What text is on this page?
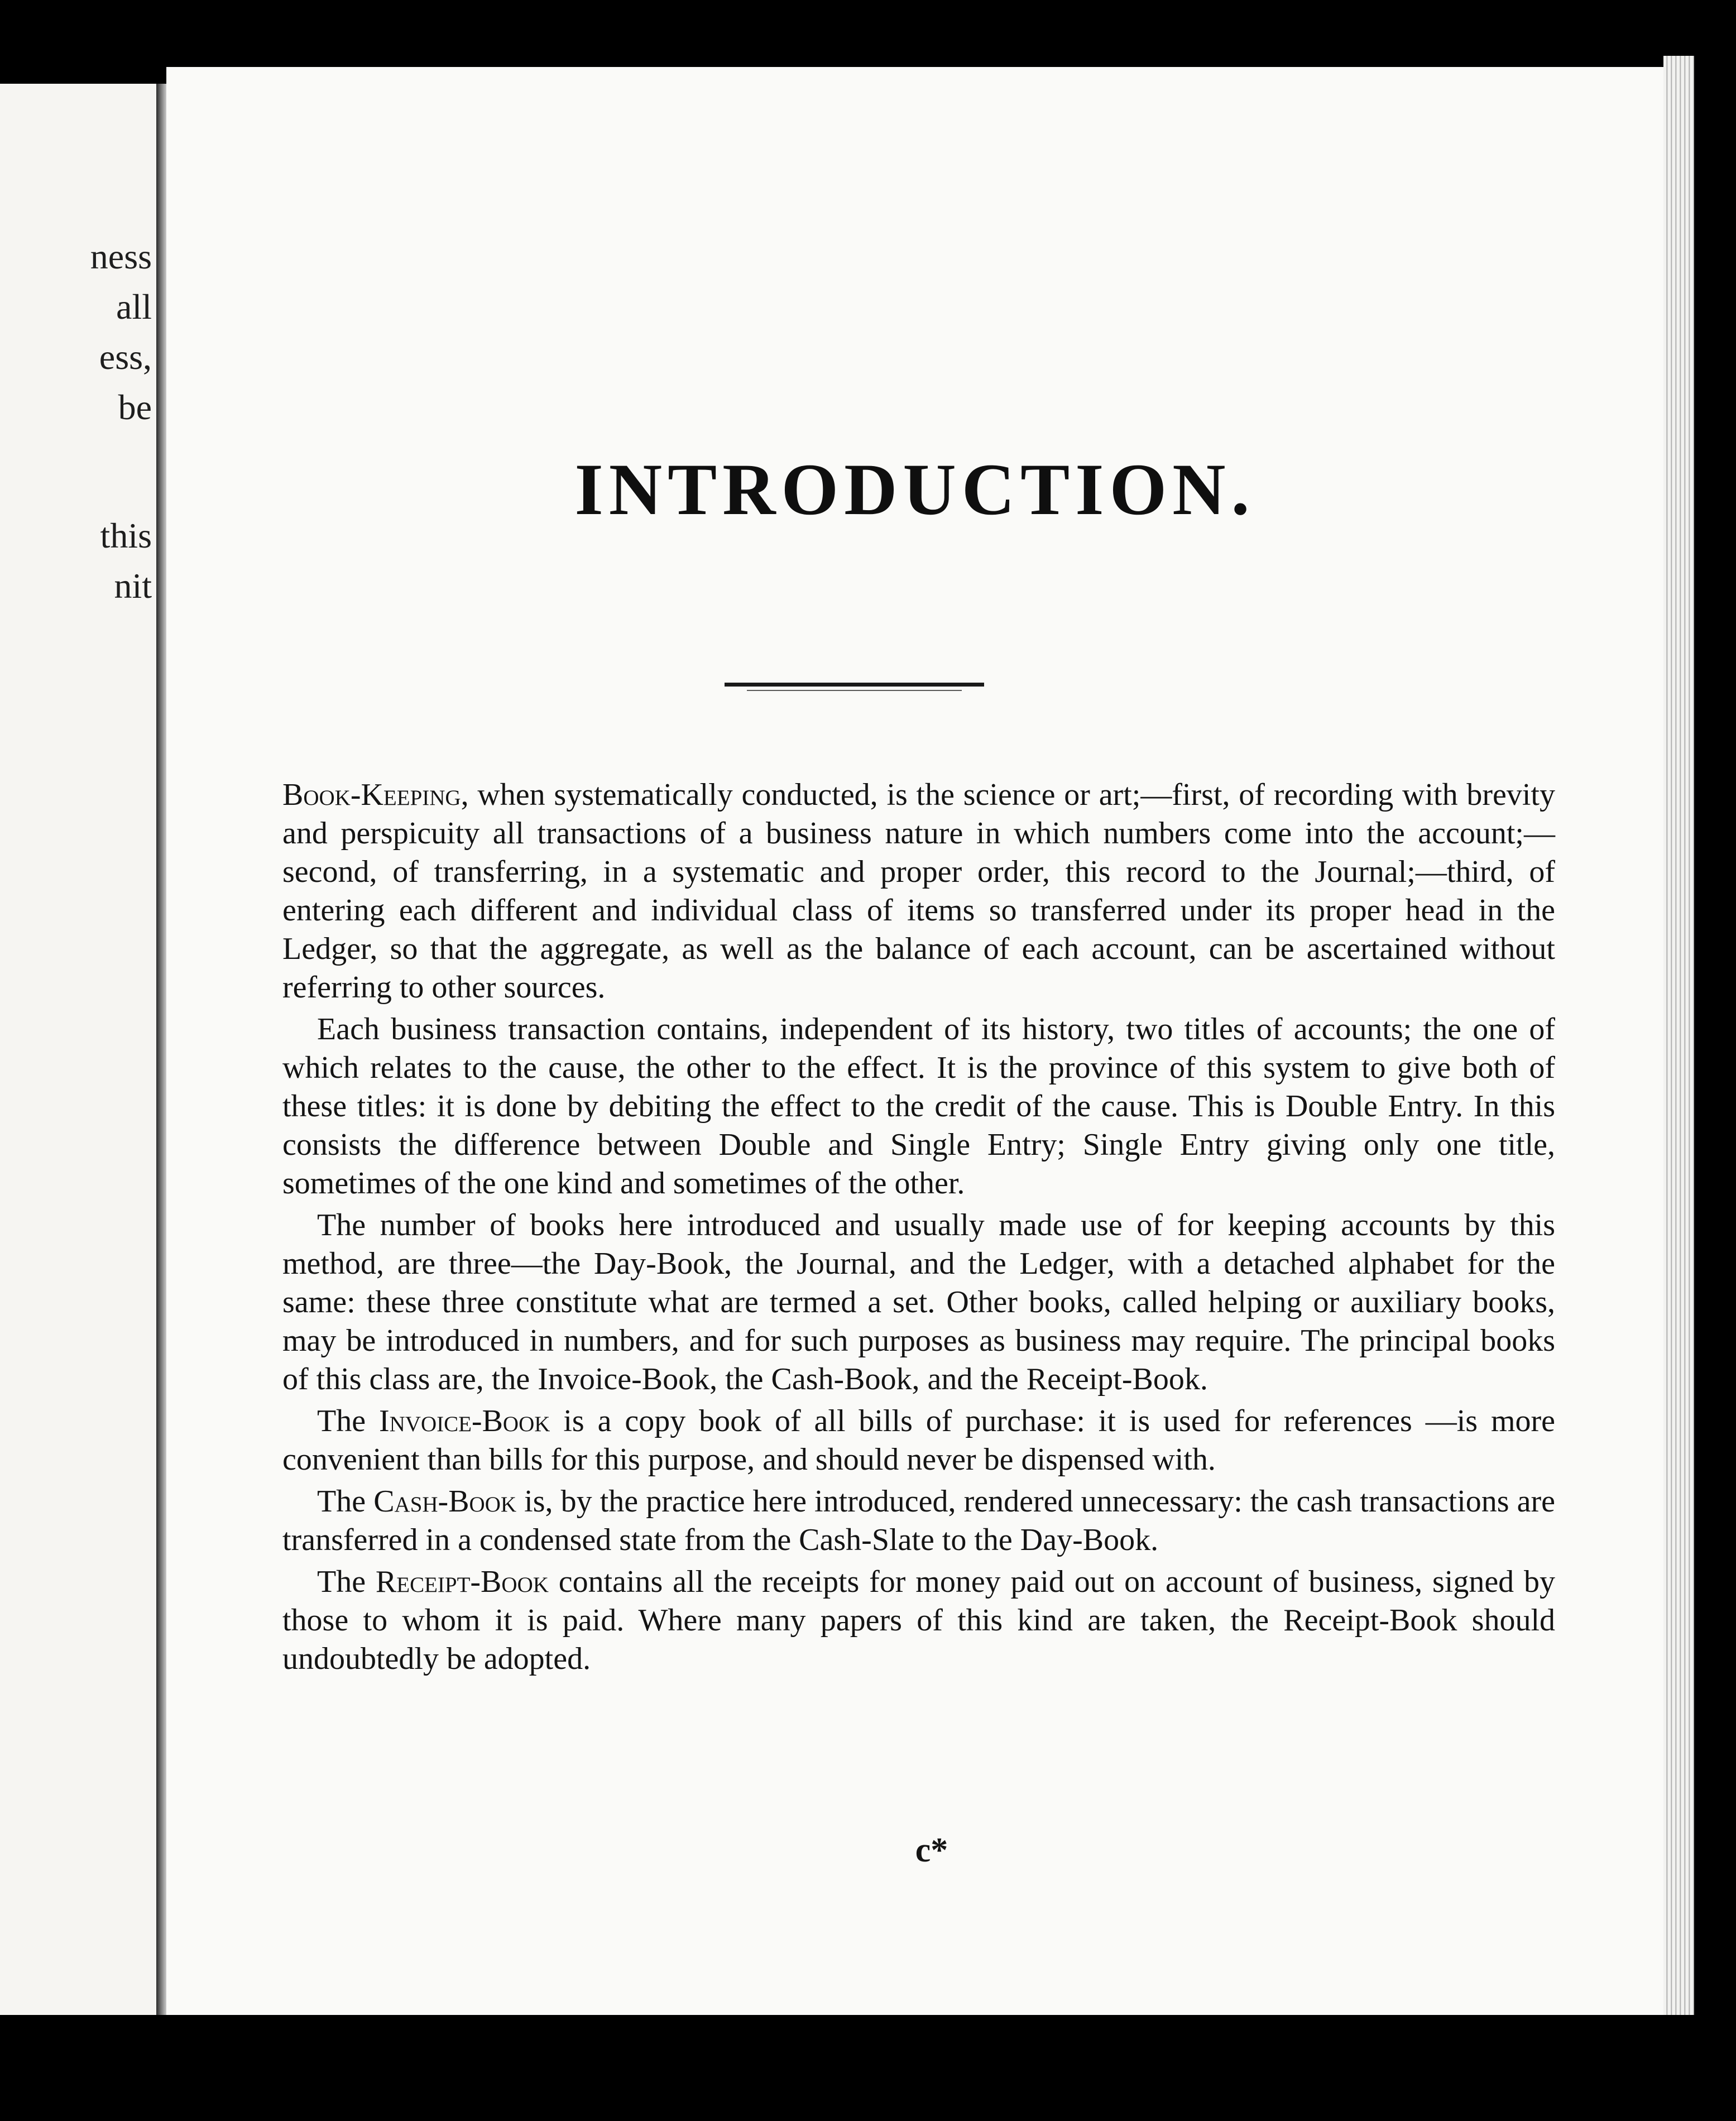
ness
all
ess,
be
this
nit
INTRODUCTION.

Book-Keeping, when systematically conducted, is the science or art;—first, of recording with brevity and perspicuity all transactions of a business nature in which numbers come into the account;—second, of transferring, in a systematic and proper order, this record to the Journal;—third, of entering each different and individual class of items so transferred under its proper head in the Ledger, so that the aggregate, as well as the balance of each account, can be ascertained without referring to other sources.

Each business transaction contains, independent of its history, two titles of accounts; the one of which relates to the cause, the other to the effect. It is the province of this system to give both of these titles: it is done by debiting the effect to the credit of the cause. This is Double Entry. In this consists the difference between Double and Single Entry; Single Entry giving only one title, sometimes of the one kind and sometimes of the other.

The number of books here introduced and usually made use of for keeping accounts by this method, are three—the Day-Book, the Journal, and the Ledger, with a detached alphabet for the same: these three constitute what are termed a set. Other books, called helping or auxiliary books, may be introduced in numbers, and for such purposes as business may require. The principal books of this class are, the Invoice-Book, the Cash-Book, and the Receipt-Book.

The Invoice-Book is a copy book of all bills of purchase: it is used for references —is more convenient than bills for this purpose, and should never be dispensed with.

The Cash-Book is, by the practice here introduced, rendered unnecessary: the cash transactions are transferred in a condensed state from the Cash-Slate to the Day-Book.

The Receipt-Book contains all the receipts for money paid out on account of business, signed by those to whom it is paid. Where many papers of this kind are taken, the Receipt-Book should undoubtedly be adopted.

c*
